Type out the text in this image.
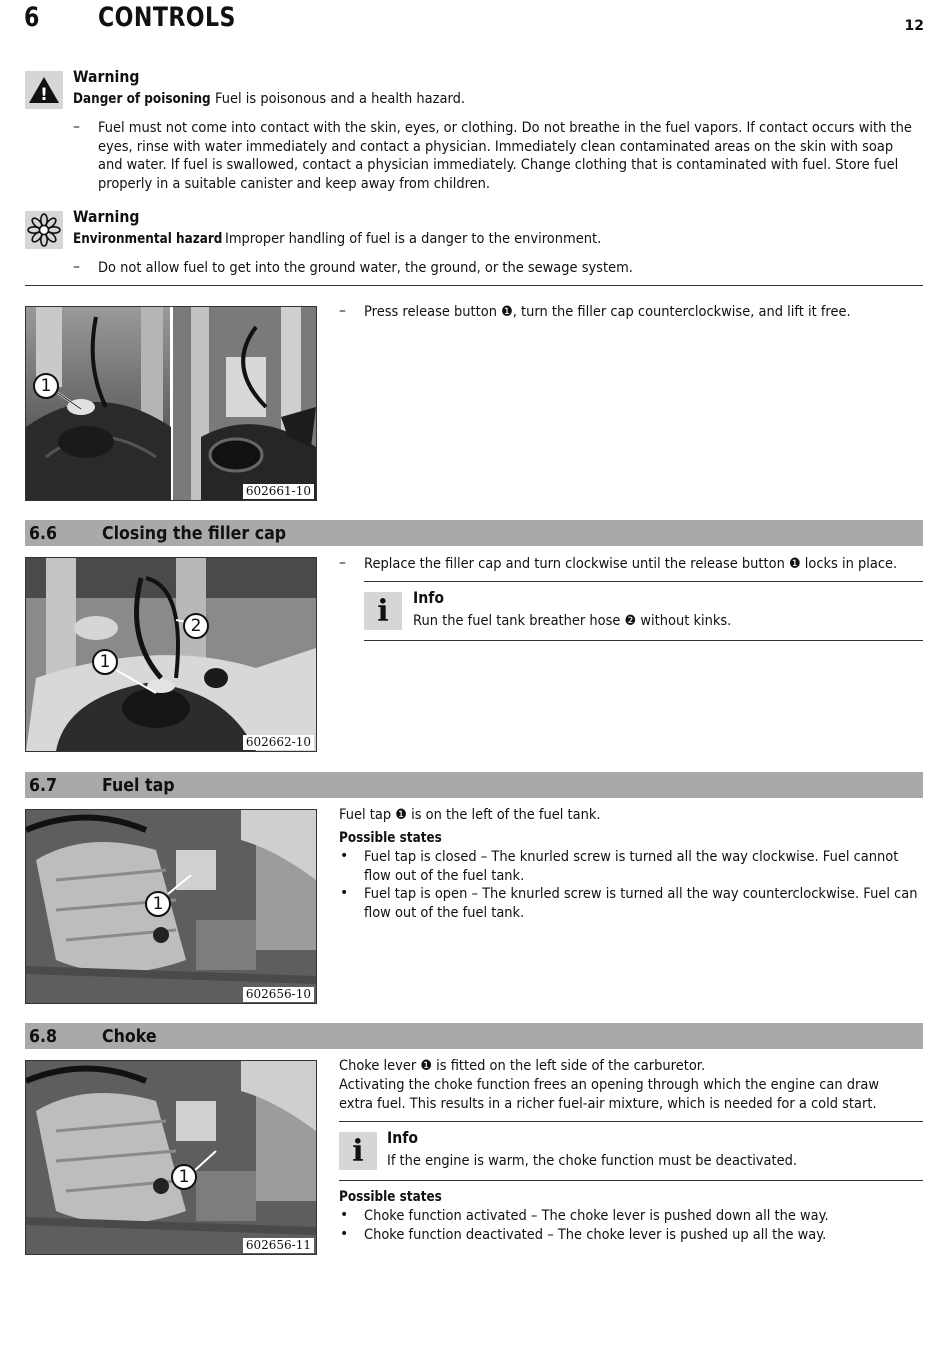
6 CONTROLS	12
!
Warning
Danger of poisoning Fuel is poisonous and a health hazard.
– Fuel must not come into contact with the skin, eyes, or clothing. Do not breathe in the fuel vapors. If contact occurs with the eyes, rinse with water immediately and contact a physician. Immediately clean contaminated areas on the skin with soap and water. If fuel is swallowed, contact a physician immediately. Change clothing that is contaminated with fuel. Store fuel properly in a suitable canister and keep away from children.
Warning
Environmental hazard Improper handling of fuel is a danger to the environment.
– Do not allow fuel to get into the ground water, the ground, or the sewage system.
1
602661-10
– Press release button ❶, turn the filler cap counterclockwise, and lift it free.
6.6 Closing the filler cap
2
1
602662-10
– Replace the filler cap and turn clockwise until the release button ❶ locks in place.
i Info
Run the fuel tank breather hose ❷ without kinks.
6.7 Fuel tap
1
602656-10
Fuel tap ❶ is on the left of the fuel tank.
Possible states
• Fuel tap is closed – The knurled screw is turned all the way clockwise. Fuel cannot flow out of the fuel tank.
• Fuel tap is open – The knurled screw is turned all the way counterclockwise. Fuel can flow out of the fuel tank.
6.8 Choke
1
602656-11
Choke lever ❶ is fitted on the left side of the carburetor.
Activating the choke function frees an opening through which the engine can draw extra fuel. This results in a richer fuel-air mixture, which is needed for a cold start.
i Info
If the engine is warm, the choke function must be deactivated.
Possible states
• Choke function activated – The choke lever is pushed down all the way.
• Choke function deactivated – The choke lever is pushed up all the way.
